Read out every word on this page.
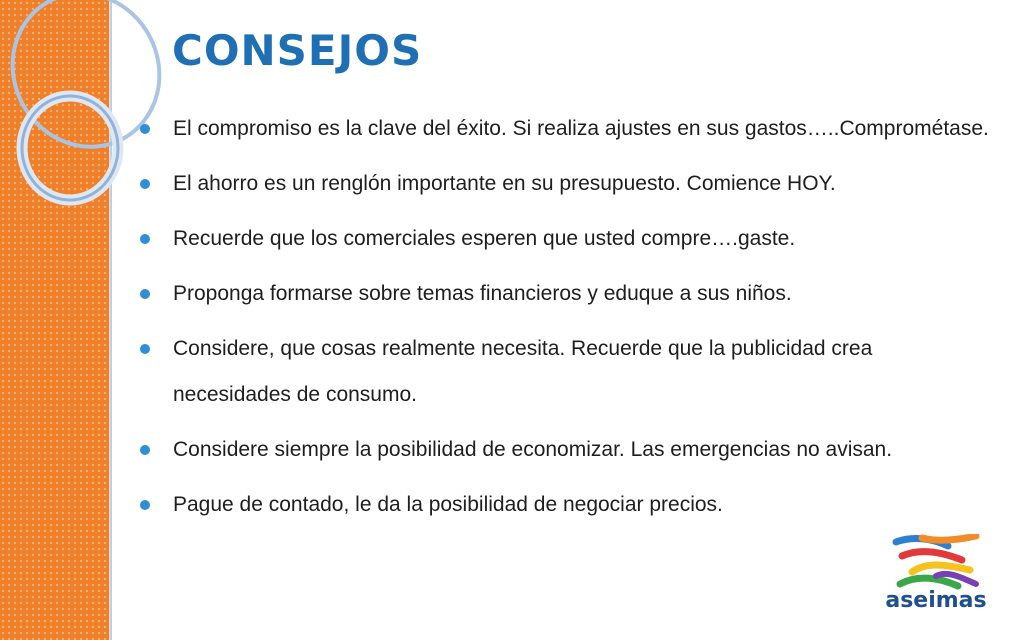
CONSEJOS
El compromiso es la clave del éxito. Si realiza ajustes en sus gastos…..Comprométase.
El ahorro es un renglón importante en su presupuesto. Comience HOY.
Recuerde que los comerciales esperen que usted compre….gaste.
Proponga formarse sobre temas financieros y eduque a sus niños.
Considere, que cosas realmente necesita. Recuerde que la publicidad crea necesidades de consumo.
Considere siempre la posibilidad de economizar. Las emergencias no avisan.
Pague de contado, le da la posibilidad de negociar precios.
aseimas
